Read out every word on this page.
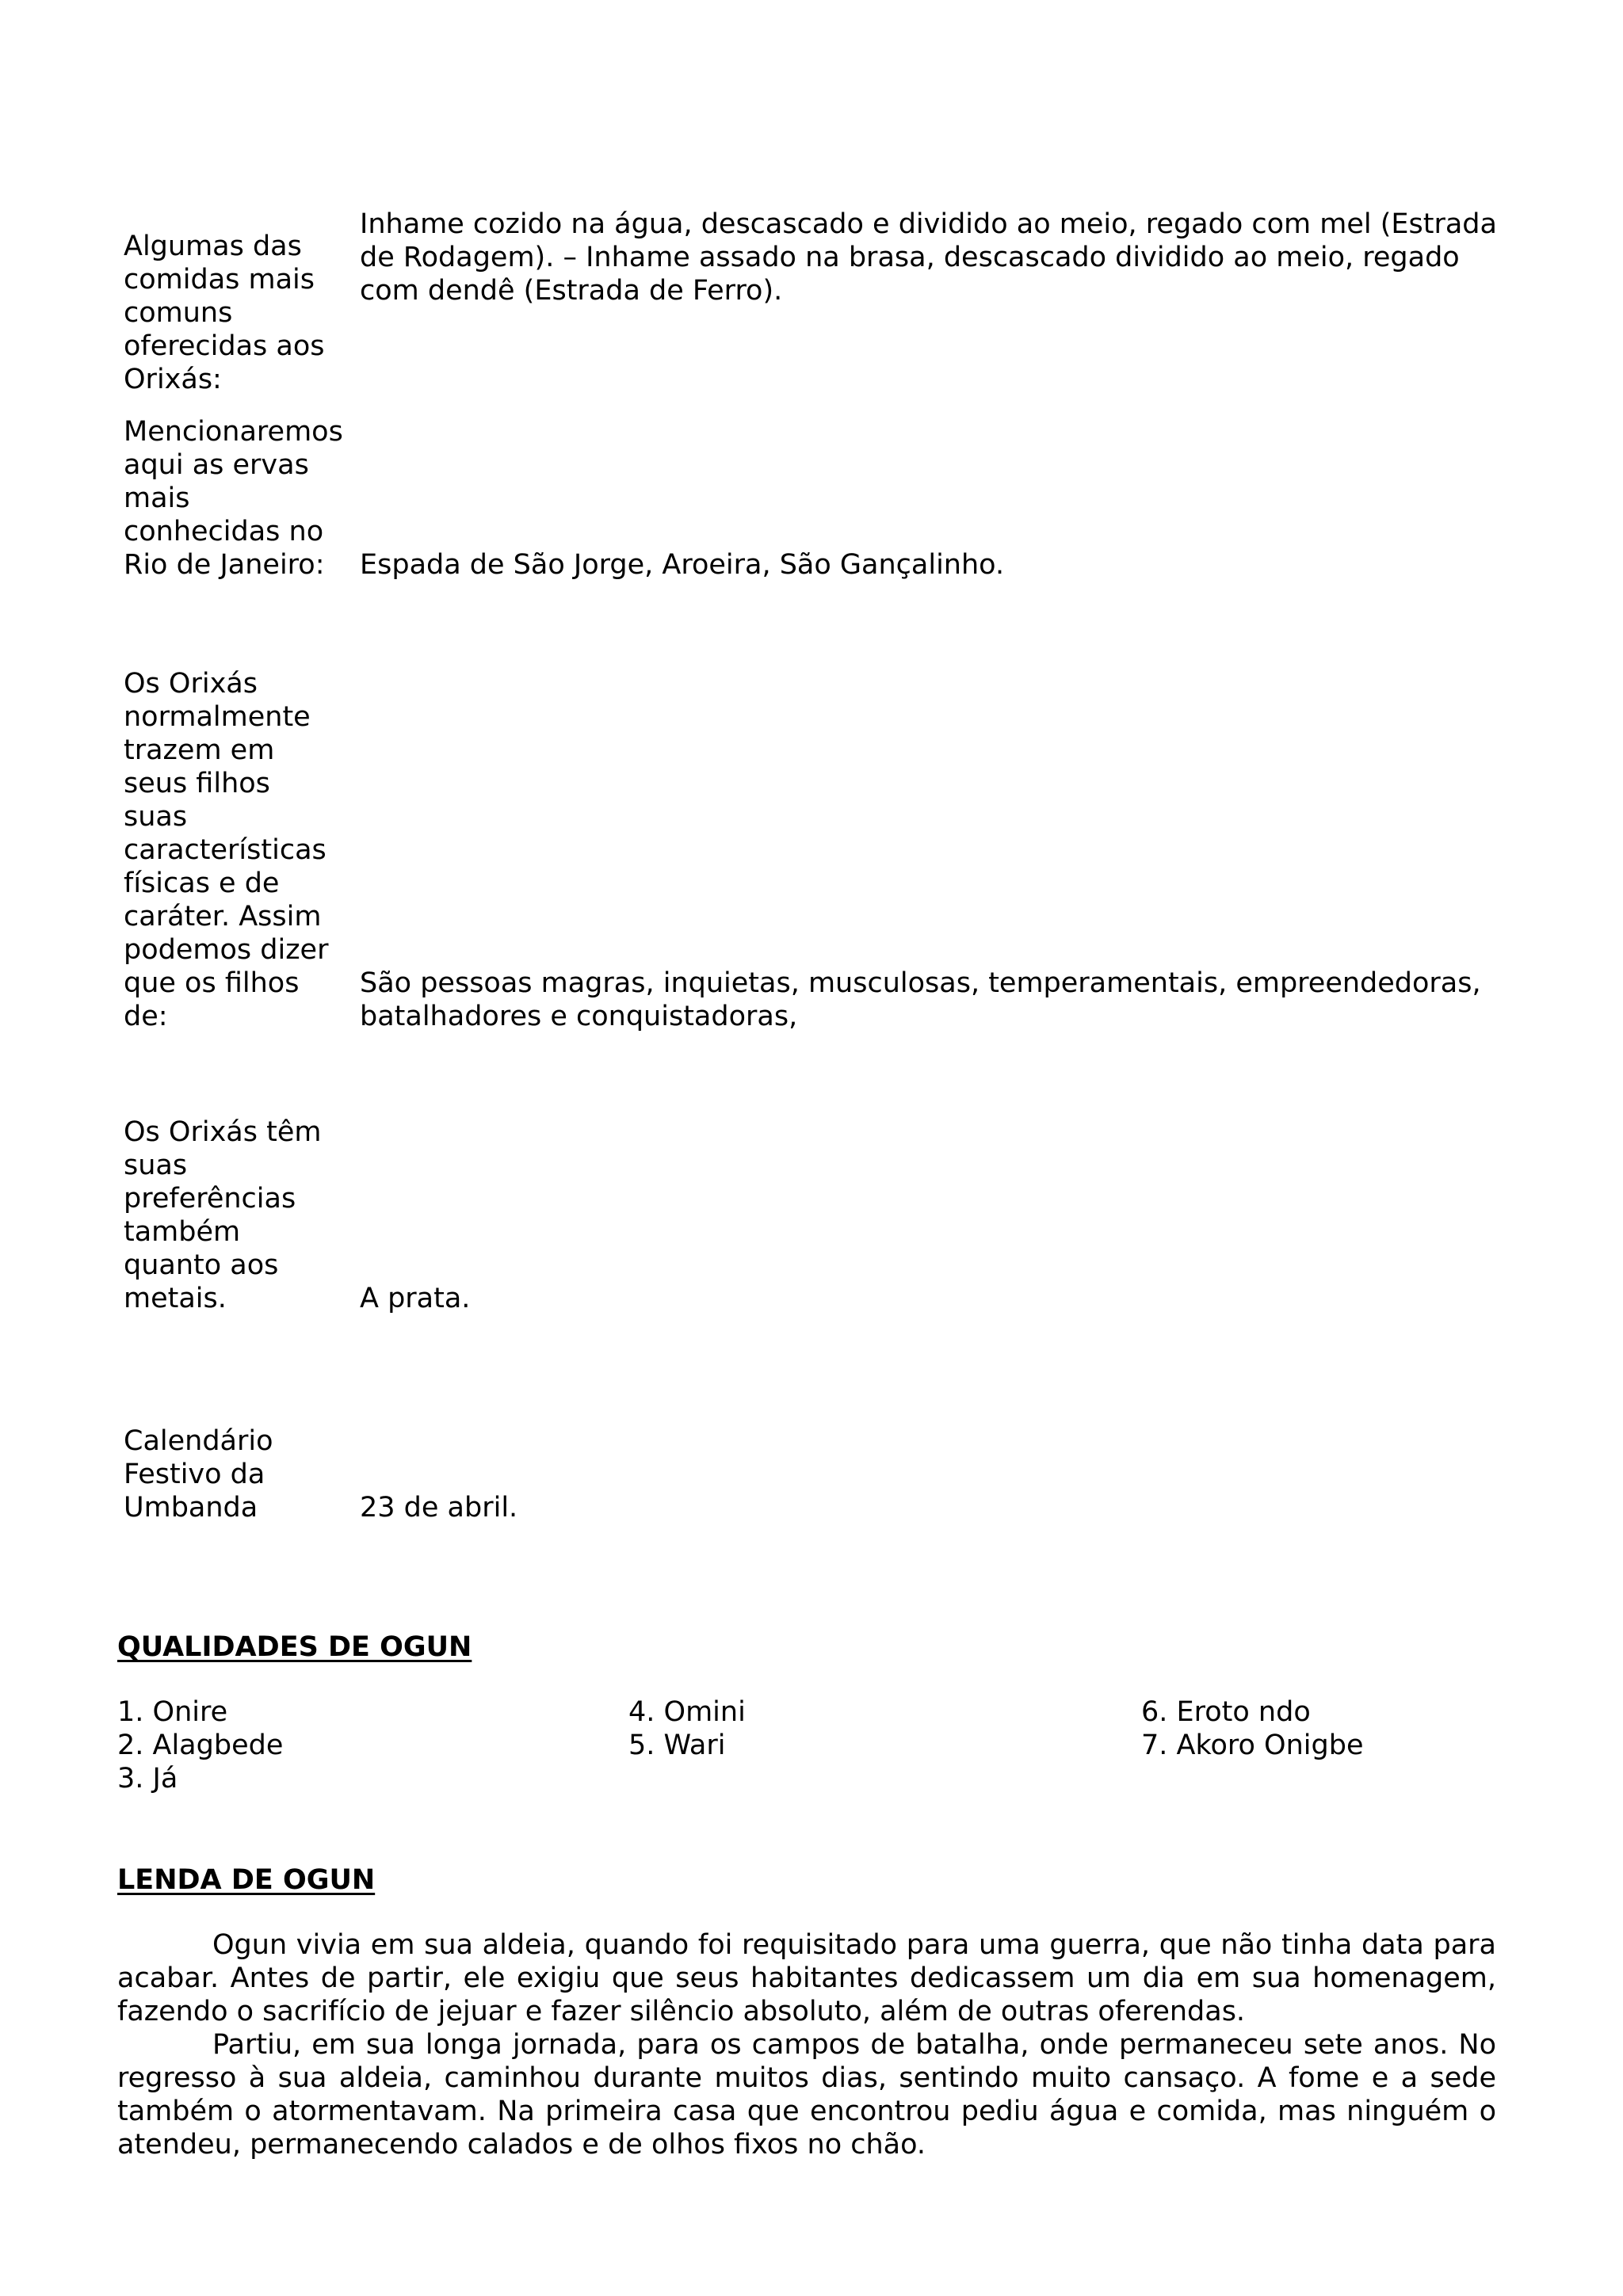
Algumas das
comidas mais
comuns
oferecidas aos
Orixás:
Inhame cozido na água, descascado e dividido ao meio, regado com mel (Estrada de Rodagem). – Inhame assado na brasa, descascado dividido ao meio, regado com dendê (Estrada de Ferro).
Mencionaremos
aqui as ervas
mais
conhecidas no
Rio de Janeiro:	Espada de São Jorge, Aroeira, São Gançalinho.
Os Orixás
normalmente
trazem em
seus filhos
suas
características
físicas e de
caráter. Assim
podemos dizer
que os filhos
de:
São pessoas magras, inquietas, musculosas, temperamentais, empreendedoras, batalhadores e conquistadoras,
Os Orixás têm
suas
preferências
também
quanto aos
metais.	A prata.
Calendário
Festivo da
Umbanda	23 de abril.
QUALIDADES DE OGUN
1. Onire
2. Alagbede
3. Já
4. Omini
5. Wari
6. Eroto ndo
7. Akoro Onigbe
LENDA DE OGUN

Ogun vivia em sua aldeia, quando foi requisitado para uma guerra, que não tinha data para acabar. Antes de partir, ele exigiu que seus habitantes dedicassem um dia em sua homenagem, fazendo o sacrifício de jejuar e fazer silêncio absoluto, além de outras oferendas.

Partiu, em sua longa jornada, para os campos de batalha, onde permaneceu sete anos. No regresso à sua aldeia, caminhou durante muitos dias, sentindo muito cansaço. A fome e a sede também o atormentavam. Na primeira casa que encontrou pediu água e comida, mas ninguém o atendeu, permanecendo calados e de olhos fixos no chão.
